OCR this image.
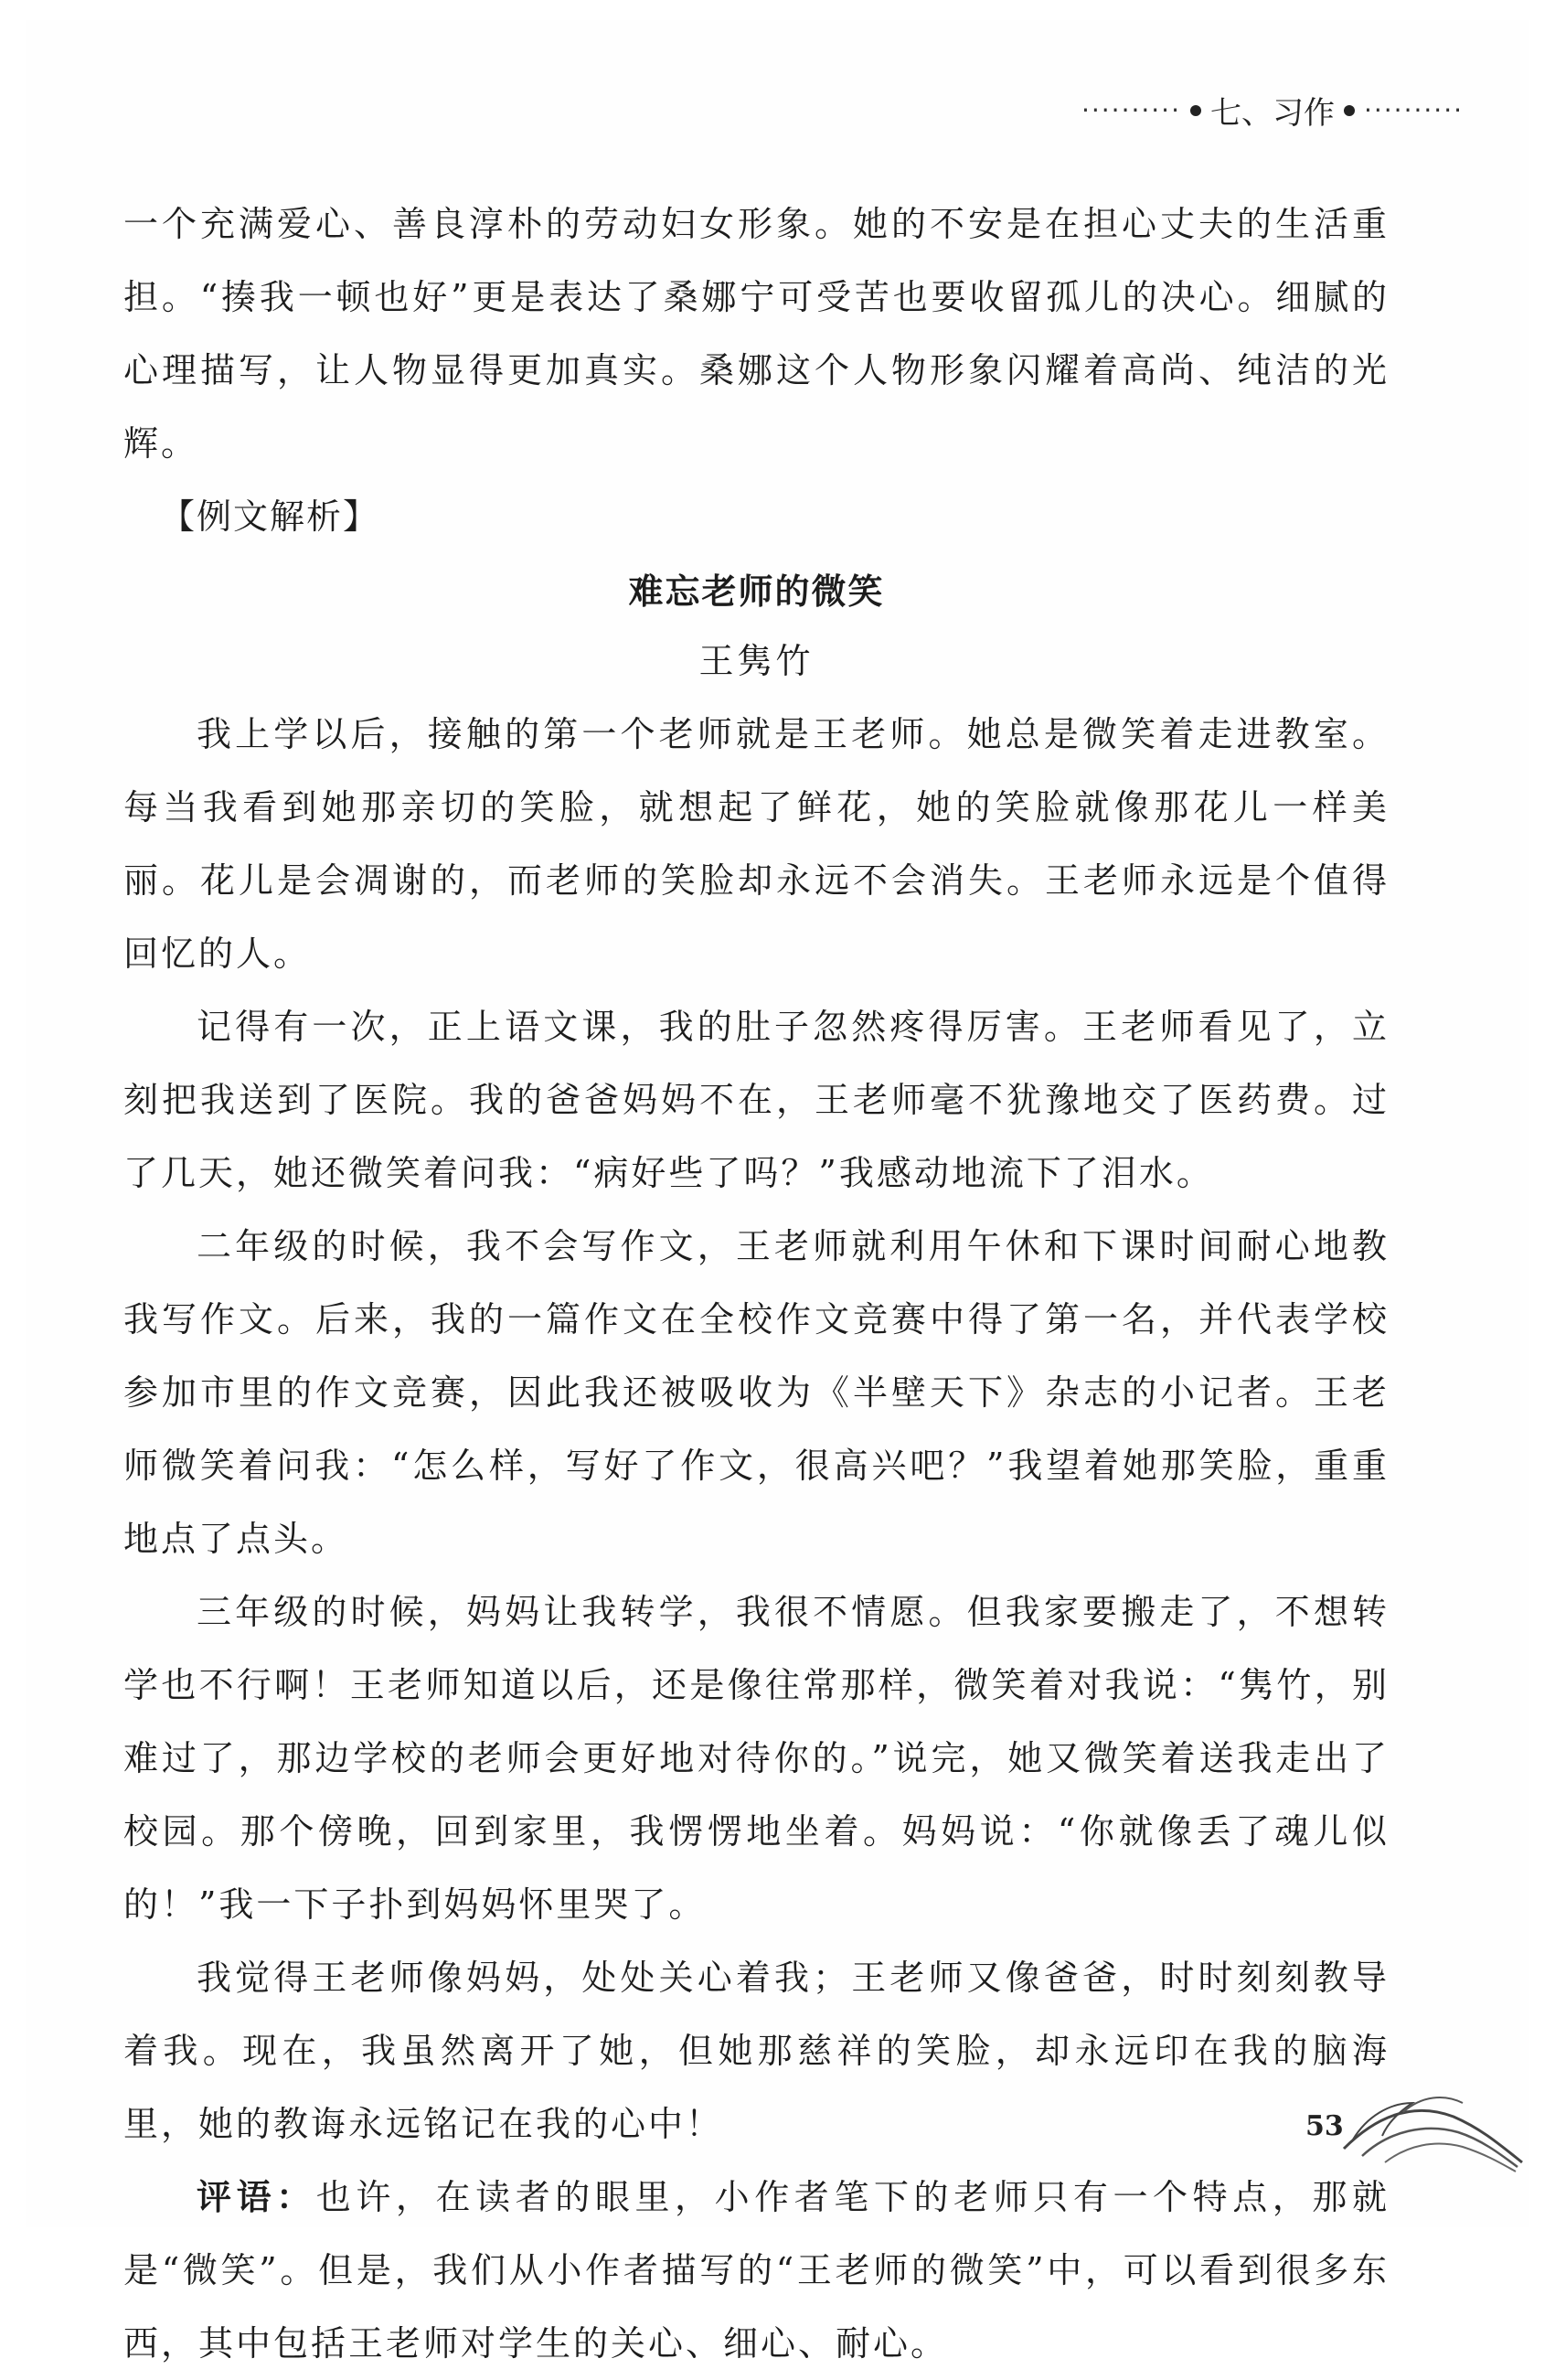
·········· 七、习作 ··········

一个充满爱心、善良淳朴的劳动妇女形象。她的不安是在担心丈夫的生活重担。“揍我一顿也好”更是表达了桑娜宁可受苦也要收留孤儿的决心。细腻的心理描写，让人物显得更加真实。桑娜这个人物形象闪耀着高尚、纯洁的光辉。

【例文解析】

难忘老师的微笑

王隽竹

我上学以后，接触的第一个老师就是王老师。她总是微笑着走进教室。每当我看到她那亲切的笑脸，就想起了鲜花，她的笑脸就像那花儿一样美丽。花儿是会凋谢的，而老师的笑脸却永远不会消失。王老师永远是个值得回忆的人。

记得有一次，正上语文课，我的肚子忽然疼得厉害。王老师看见了，立刻把我送到了医院。我的爸爸妈妈不在，王老师毫不犹豫地交了医药费。过了几天，她还微笑着问我：“病好些了吗？”我感动地流下了泪水。

二年级的时候，我不会写作文，王老师就利用午休和下课时间耐心地教我写作文。后来，我的一篇作文在全校作文竞赛中得了第一名，并代表学校参加市里的作文竞赛，因此我还被吸收为《半壁天下》杂志的小记者。王老师微笑着问我：“怎么样，写好了作文，很高兴吧？”我望着她那笑脸，重重地点了点头。

三年级的时候，妈妈让我转学，我很不情愿。但我家要搬走了，不想转学也不行啊！王老师知道以后，还是像往常那样，微笑着对我说：“隽竹，别难过了，那边学校的老师会更好地对待你的。”说完，她又微笑着送我走出了校园。那个傍晚，回到家里，我愣愣地坐着。妈妈说：“你就像丢了魂儿似的！”我一下子扑到妈妈怀里哭了。

我觉得王老师像妈妈，处处关心着我；王老师又像爸爸，时时刻刻教导着我。现在，我虽然离开了她，但她那慈祥的笑脸，却永远印在我的脑海里，她的教诲永远铭记在我的心中！

评语：也许，在读者的眼里，小作者笔下的老师只有一个特点，那就是“微笑”。但是，我们从小作者描写的“王老师的微笑”中，可以看到很多东西，其中包括王老师对学生的关心、细心、耐心。

53
